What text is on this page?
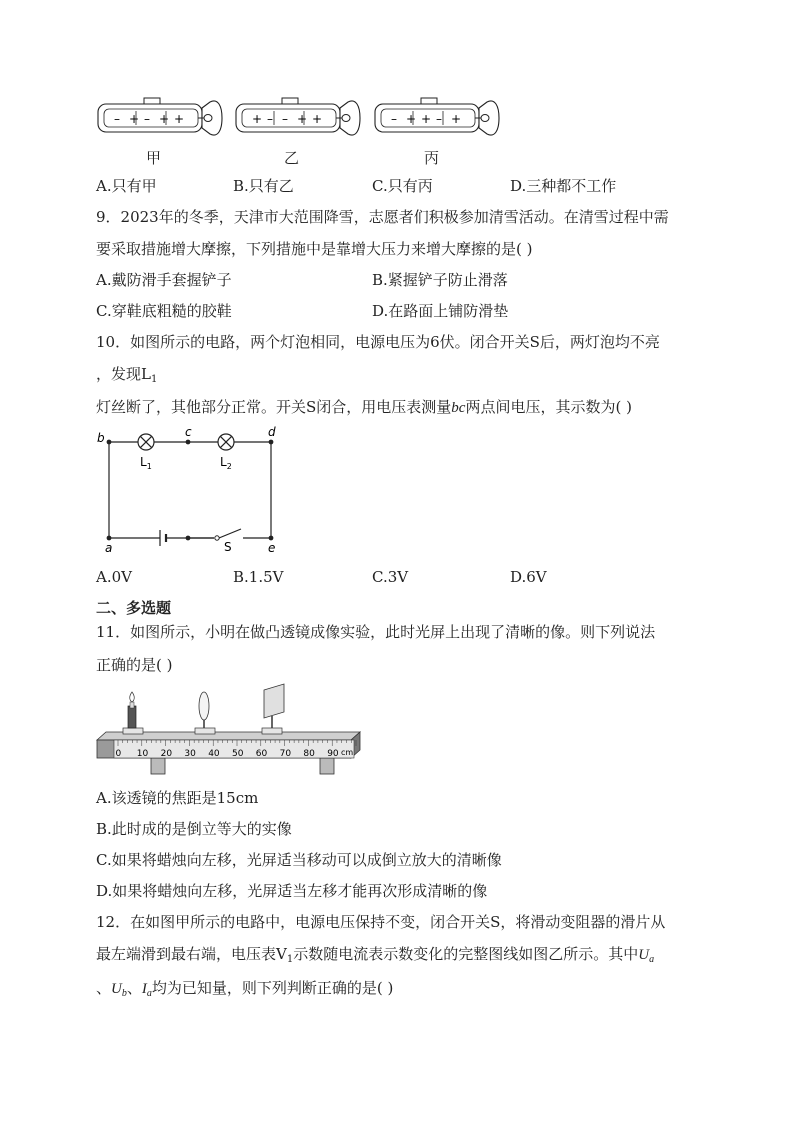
– + – + +	+ – – + +	– + + – +
甲	乙	丙
A.只有甲	B.只有乙	C.只有丙	D.三种都不工作
9．2023年的冬季，天津市大范围降雪，志愿者们积极参加清雪活动。在清雪过程中需
要采取措施增大摩擦，下列措施中是靠增大压力来增大摩擦的是( )
A.戴防滑手套握铲子	B.紧握铲子防止滑落
C.穿鞋底粗糙的胶鞋	D.在路面上铺防滑垫
10．如图所示的电路，两个灯泡相同，电源电压为6伏。闭合开关S后，两灯泡均不亮
，发现$L_1$
灯丝断了，其他部分正常。开关S闭合，用电压表测量bc两点间电压，其示数为( )
b	c	d
a	e
$L_1$	$L_2$
S
A.0V	B.1.5V	C.3V	D.6V
二、多选题
11．如图所示，小明在做凸透镜成像实验，此时光屏上出现了清晰的像。则下列说法
正确的是( )
0 10 20 30 40 50 60 70 80 90 cm
A.该透镜的焦距是15cm
B.此时成的是倒立等大的实像
C.如果将蜡烛向左移，光屏适当移动可以成倒立放大的清晰像
D.如果将蜡烛向左移，光屏适当左移才能再次形成清晰的像
12．在如图甲所示的电路中，电源电压保持不变，闭合开关S，将滑动变阻器的滑片从
最左端滑到最右端，电压表$V_1$示数随电流表示数变化的完整图线如图乙所示。其中$U_a$
、$U_b$、$I_a$均为已知量，则下列判断正确的是( )
